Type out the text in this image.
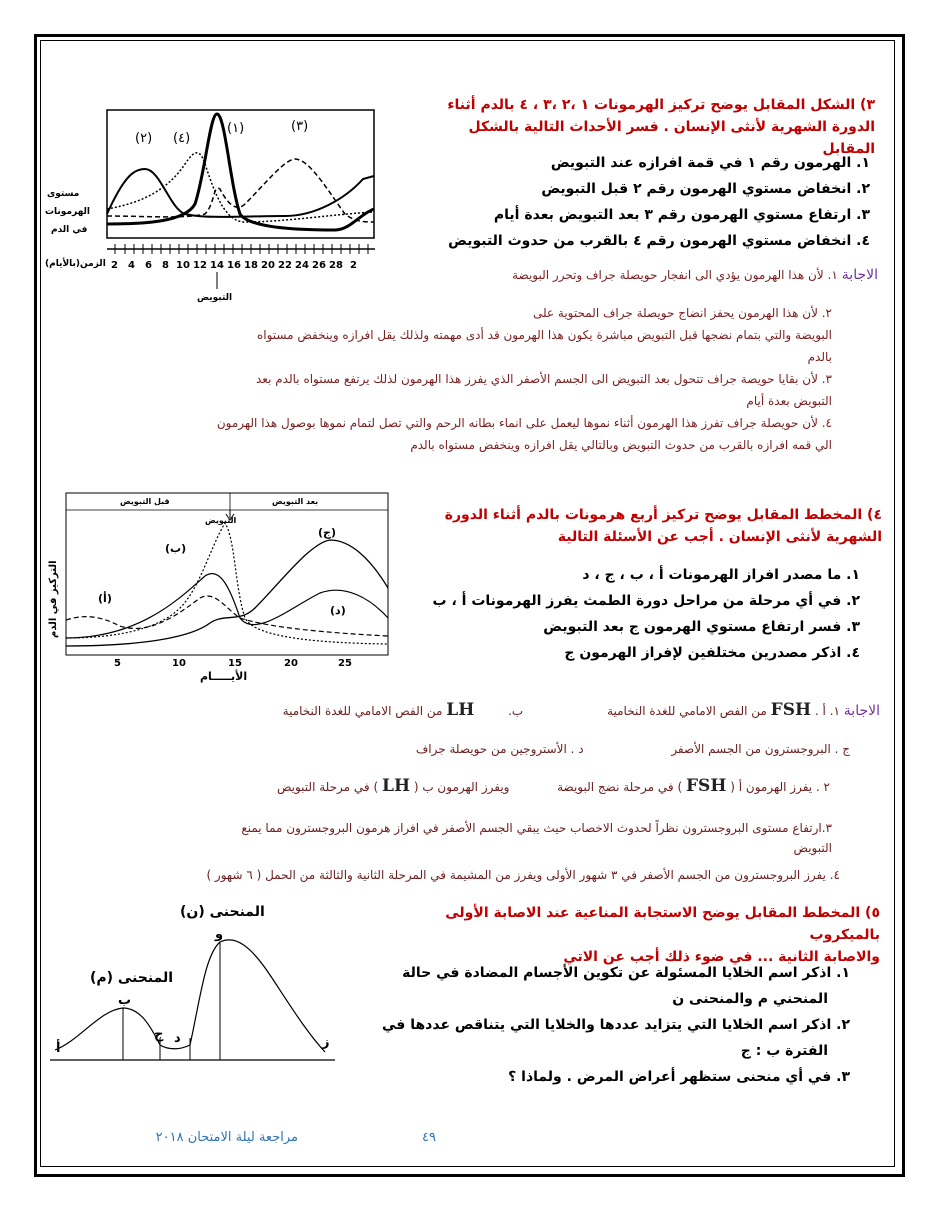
٣) الشكل المقابل يوضح تركيز الهرمونات ١ ،٢ ،٣ ، ٤ بالدم أثناء
الدورة الشهرية لأنثى الإنسان . فسر الأحداث التالية بالشكل المقابل
١. الهرمون رقم ١ في قمة افرازه عند التبويض
٢. انخفاض مستوي الهرمون رقم ٢ قبل التبويض
٣. ارتفاع مستوي الهرمون رقم ٣ بعد التبويض بعدة أيام
٤. انخفاض مستوي الهرمون رقم ٤ بالقرب من حدوث التبويض
(٢) (٤)
(١)	(٣)
مستوى
الهرمونات
في الدم
الزمن(بالأيام) 2 4 6 8 10 12 14 16 18 20 22 24 26 28 2
التبويض
الاجابة ١. لأن هذا الهرمون يؤدي الى انفجار حويصلة جراف وتحرر البويضة
٢. لأن هذا الهرمون يحفز انضاج حويصلة جراف المحتوية على
البويضة والتي بتمام نضجها قبل التبويض مباشرة يكون هذا الهرمون قد أدى مهمته ولذلك يقل افرازه وينخفض مستواه
بالدم
٣. لأن بقايا حويصة جراف تتحول بعد التبويض الى الجسم الأصفر الذي يفرز هذا الهرمون لذلك يرتفع مستواه بالدم بعد
التبويض بعدة أيام
٤. لأن حويصلة جراف تفرز هذا الهرمون أثناء نموها ليعمل على انماء بطانه الرحم والتي تصل لتمام نموها بوصول هذا الهرمون
الي قمه افرازه بالقرب من حدوث التبويض وبالتالي يقل افرازه وينخفض مستواه بالدم
٤) المخطط المقابل يوضح تركيز أربع هرمونات بالدم أثناء الدورة
الشهرية لأنثى الإنسان . أجب عن الأسئلة التالية
١. ما مصدر افراز الهرمونات أ ، ب ، ج ، د
٢. في أي مرحلة من مراحل دورة الطمث يفرز الهرمونات أ ، ب
٣. فسر ارتفاع مستوي الهرمون ج بعد التبويض
٤. اذكر مصدرين مختلفين لإفراز الهرمون ج
قبل التبويض	بعد التبويض
التبويض
(أ)
(ب)
(ج)
(د)
التركيز في الدم
5	10	15	20	25
الأيـــــام
الاجابة ١. أ . FSH من الفص الامامي للغدة النخامية ب. LH من الفص الامامي للغدة النخامية
ج . البروجسترون من الجسم الأصفر  د . الأستروجين من حويصلة جراف
٢ . يفرز الهرمون أ ( FSH ) في مرحلة نضج البويضة  ويفرز الهرمون ب ( LH ) في مرحلة التبويض
٣.ارتفاع مستوى البروجسترون نظراً لحدوث الاخصاب حيث يبقي الجسم الأصفر في افراز هرمون البروجسترون مما يمنع
التبويض
٤. يفرز البروجسترون من الجسم الأصفر في ٣ شهور الأولى ويفرز من المشيمة في المرحلة الثانية والثالثة من الحمل ( ٦ شهور )
٥) المخطط المقابل يوضح الاستجابة المناعية عند الاصابة الأولى بالميكروب
والاصابة الثانية ... في ضوء ذلك أجب عن الاتي
١. اذكر اسم الخلايا المسئولة عن تكوين الأجسام المضادة في حالة
المنحني م والمنحنى ن
٢. اذكر اسم الخلايا التي يتزايد عددها والخلايا التي يتناقص عددها في
الفترة ب : ج
٣. في أي منحنى ستظهر أعراض المرض . ولماذا ؟
المنحنى (ن)
المنحنى (م)
أ
ب
ج د
و
ز
٤٩
مراجعة ليلة الامتحان ٢٠١٨
